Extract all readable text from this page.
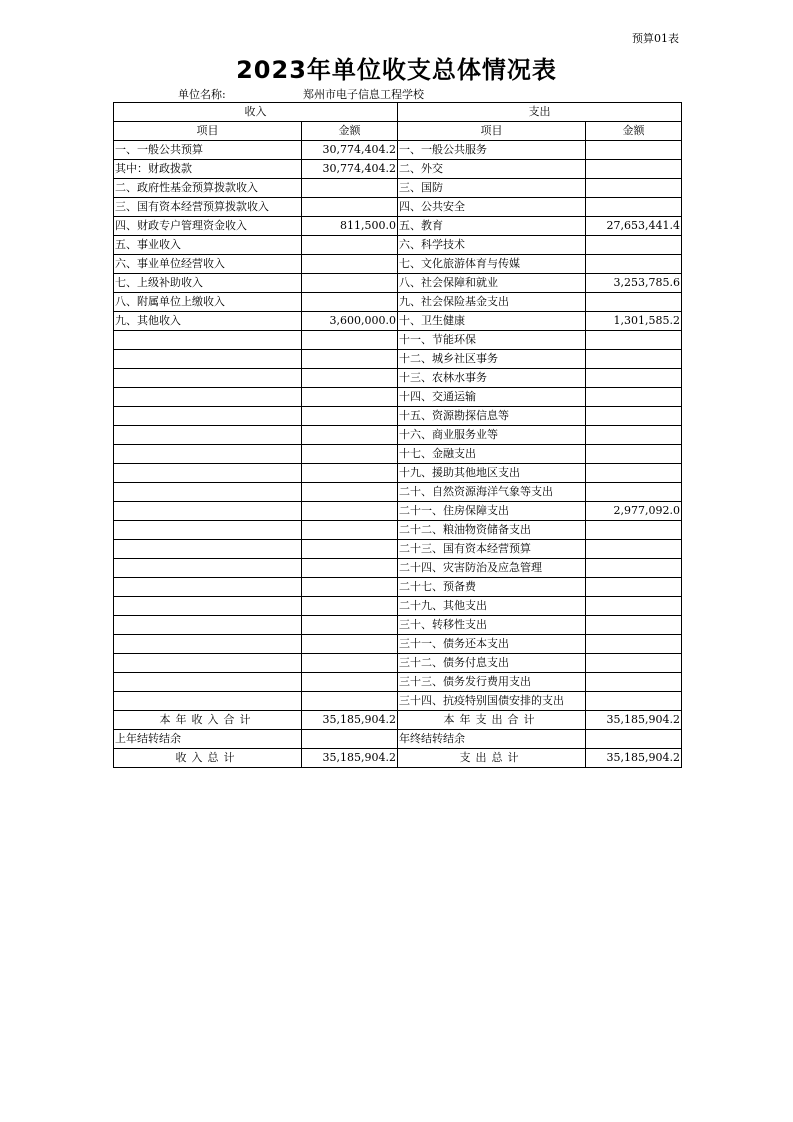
预算01表
2023年单位收支总体情况表
单位名称:	郑州市电子信息工程学校
收入		支出	
项目	金额	项目	金额
一、一般公共预算	30,774,404.2	一、一般公共服务	
其中：财政拨款	30,774,404.2	二、外交	
二、政府性基金预算拨款收入		三、国防	
三、国有资本经营预算拨款收入		四、公共安全	
四、财政专户管理资金收入	811,500.0	五、教育	27,653,441.4
五、事业收入		六、科学技术	
六、事业单位经营收入		七、文化旅游体育与传媒	
七、上级补助收入		八、社会保障和就业	3,253,785.6
八、附属单位上缴收入		九、社会保险基金支出	
九、其他收入	3,600,000.0	十、卫生健康	1,301,585.2
		十一、节能环保	
		十二、城乡社区事务	
		十三、农林水事务	
		十四、交通运输	
		十五、资源勘探信息等	
		十六、商业服务业等	
		十七、金融支出	
		十九、援助其他地区支出	
		二十、自然资源海洋气象等支出	
		二十一、住房保障支出	2,977,092.0
		二十二、粮油物资储备支出	
		二十三、国有资本经营预算	
		二十四、灾害防治及应急管理	
		二十七、预备费	
		二十九、其他支出	
		三十、转移性支出	
		三十一、债务还本支出	
		三十二、债务付息支出	
		三十三、债务发行费用支出	
		三十四、抗疫特别国债安排的支出	
本年收入合计	35,185,904.2	本年支出合计	35,185,904.2
上年结转结余		年终结转结余	
收入总计	35,185,904.2	支出总计	35,185,904.2
